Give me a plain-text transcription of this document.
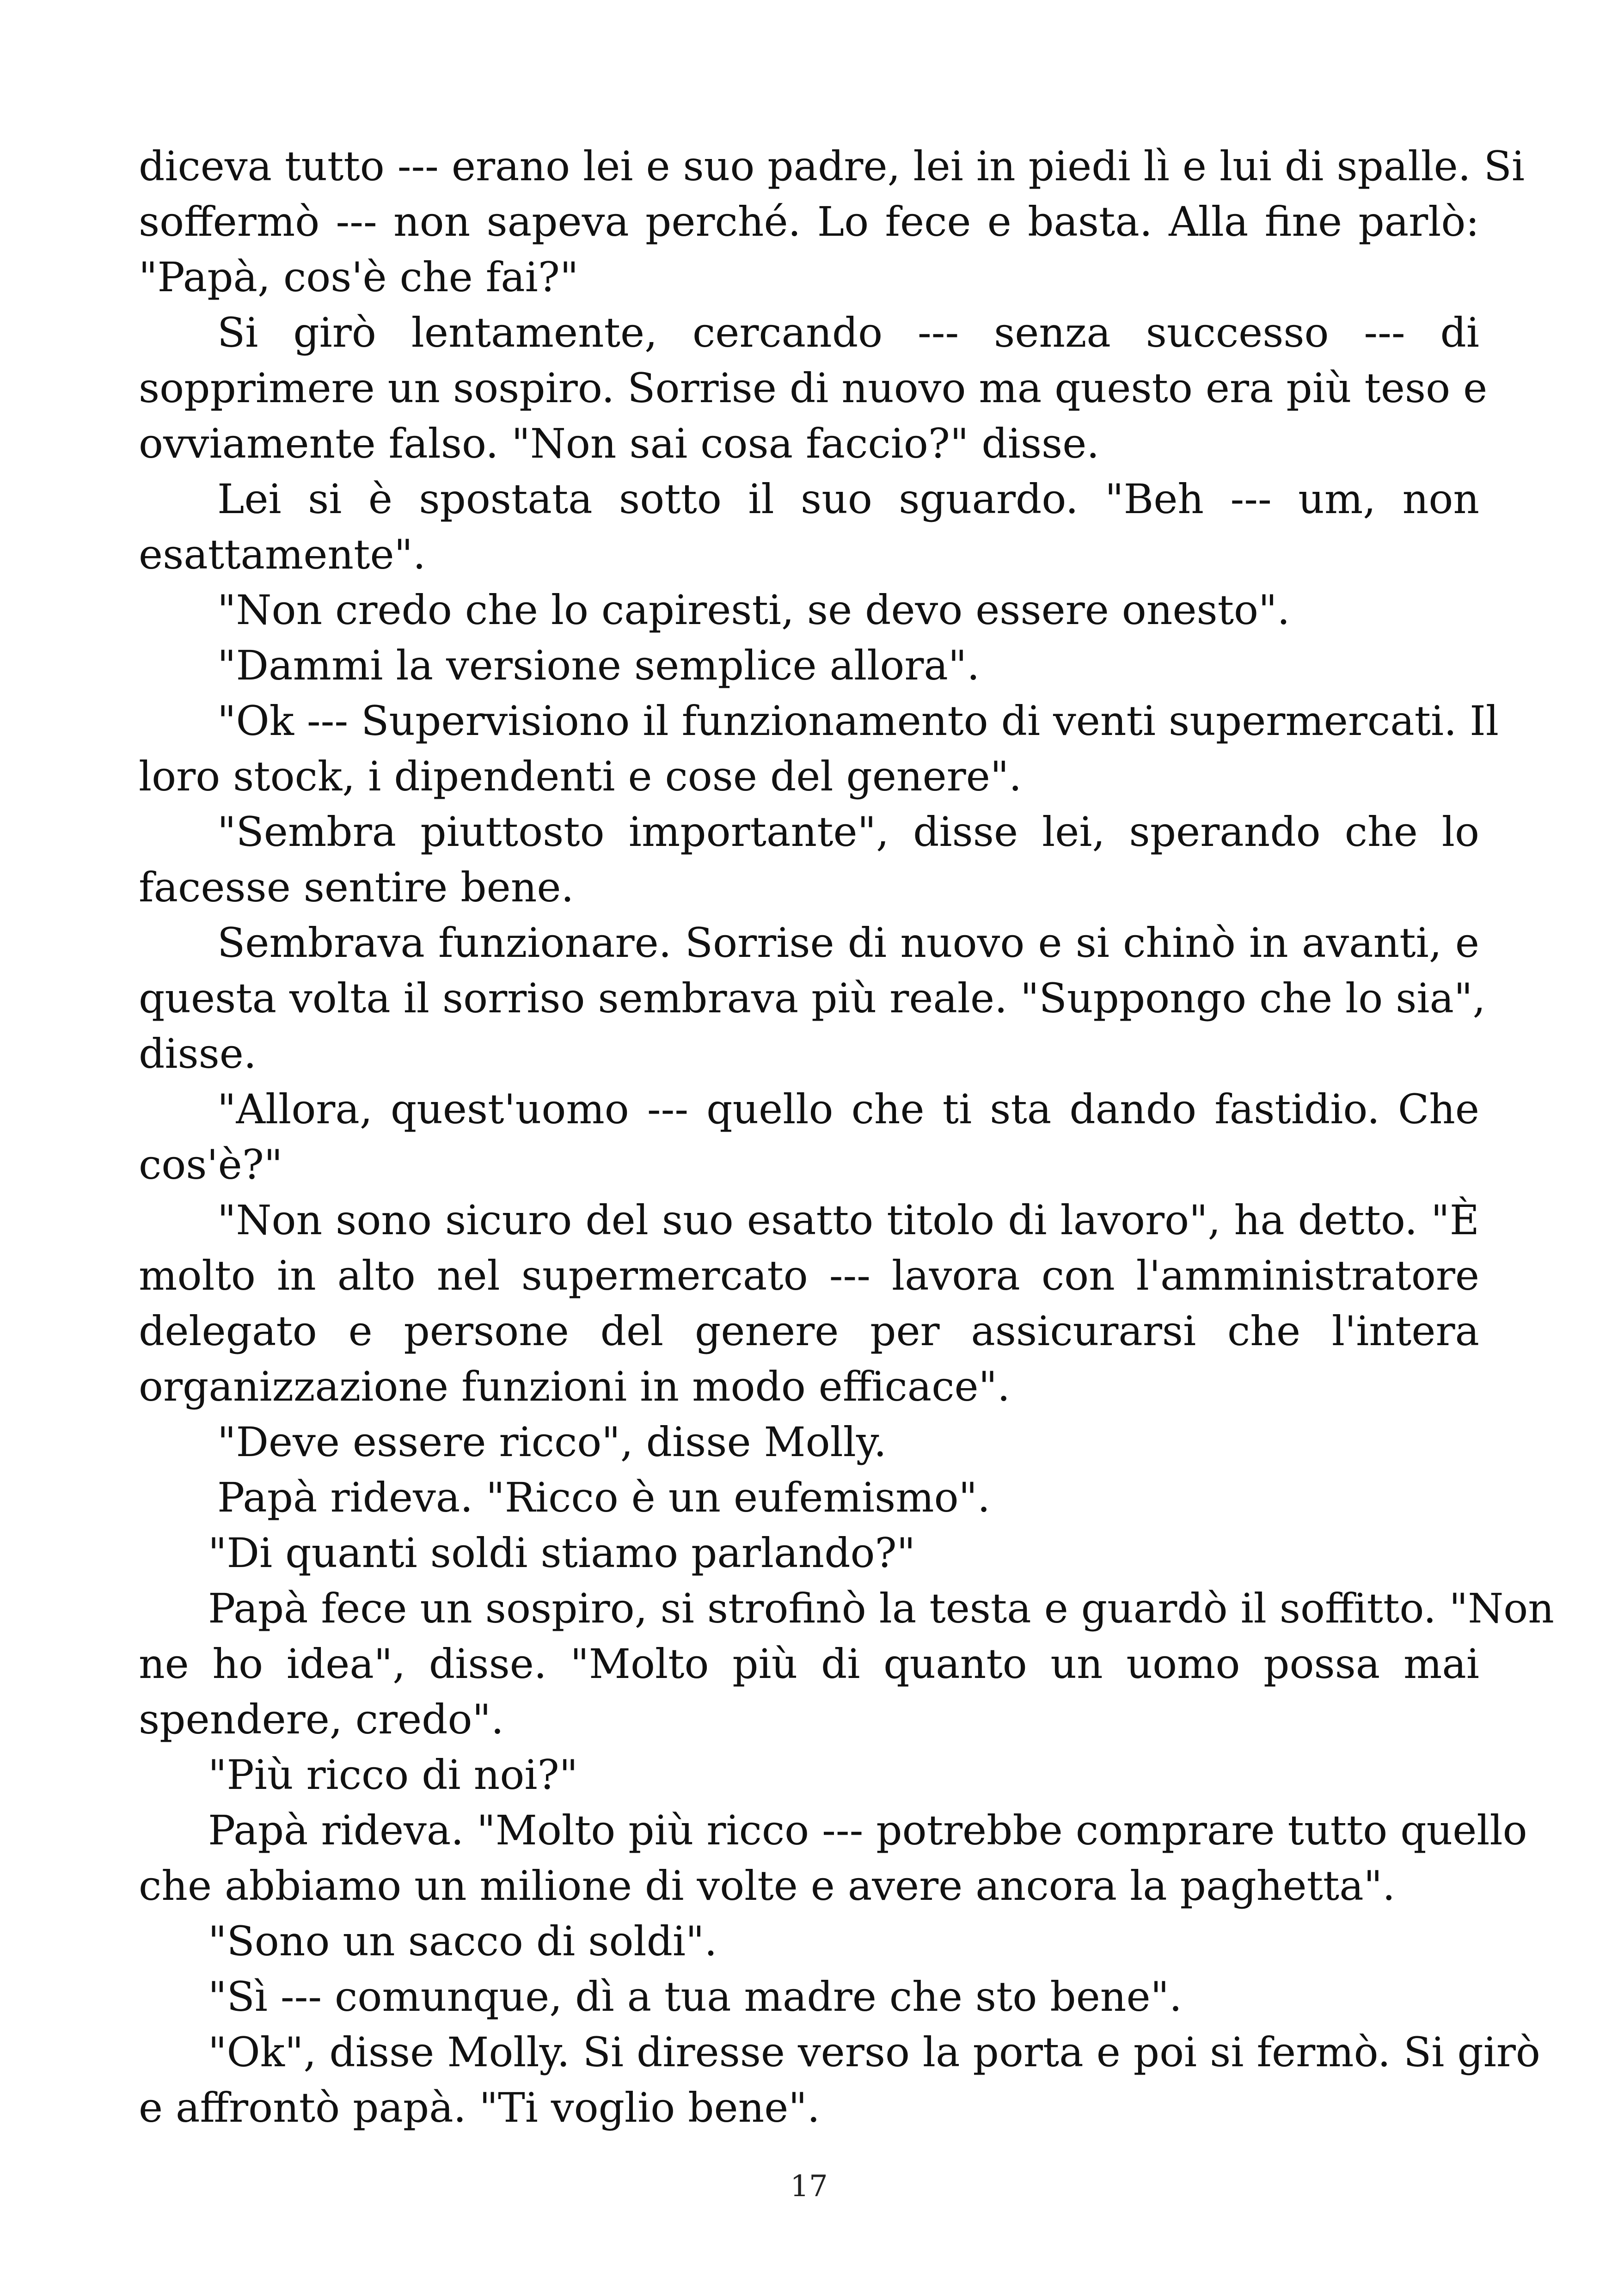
diceva tutto --- erano lei e suo padre, lei in piedi lì e lui di spalle. Si
soffermò --- non sapeva perché. Lo fece e basta. Alla fine parlò:
"Papà, cos'è che fai?"
Si girò lentamente, cercando --- senza successo --- di
sopprimere un sospiro. Sorrise di nuovo ma questo era più teso e
ovviamente falso. "Non sai cosa faccio?" disse.
Lei si è spostata sotto il suo sguardo. "Beh --- um, non
esattamente".
"Non credo che lo capiresti, se devo essere onesto".
"Dammi la versione semplice allora".
"Ok --- Supervisiono il funzionamento di venti supermercati. Il
loro stock, i dipendenti e cose del genere".
"Sembra piuttosto importante", disse lei, sperando che lo
facesse sentire bene.
Sembrava funzionare. Sorrise di nuovo e si chinò in avanti, e
questa volta il sorriso sembrava più reale. "Suppongo che lo sia",
disse.
"Allora, quest'uomo --- quello che ti sta dando fastidio. Che
cos'è?"
"Non sono sicuro del suo esatto titolo di lavoro", ha detto. "È
molto in alto nel supermercato --- lavora con l'amministratore
delegato e persone del genere per assicurarsi che l'intera
organizzazione funzioni in modo efficace".
"Deve essere ricco", disse Molly.
Papà rideva. "Ricco è un eufemismo".
"Di quanti soldi stiamo parlando?"
Papà fece un sospiro, si strofinò la testa e guardò il soffitto. "Non
ne ho idea", disse. "Molto più di quanto un uomo possa mai
spendere, credo".
"Più ricco di noi?"
Papà rideva. "Molto più ricco --- potrebbe comprare tutto quello
che abbiamo un milione di volte e avere ancora la paghetta".
"Sono un sacco di soldi".
"Sì --- comunque, dì a tua madre che sto bene".
"Ok", disse Molly. Si diresse verso la porta e poi si fermò. Si girò
e affrontò papà. "Ti voglio bene".
17
